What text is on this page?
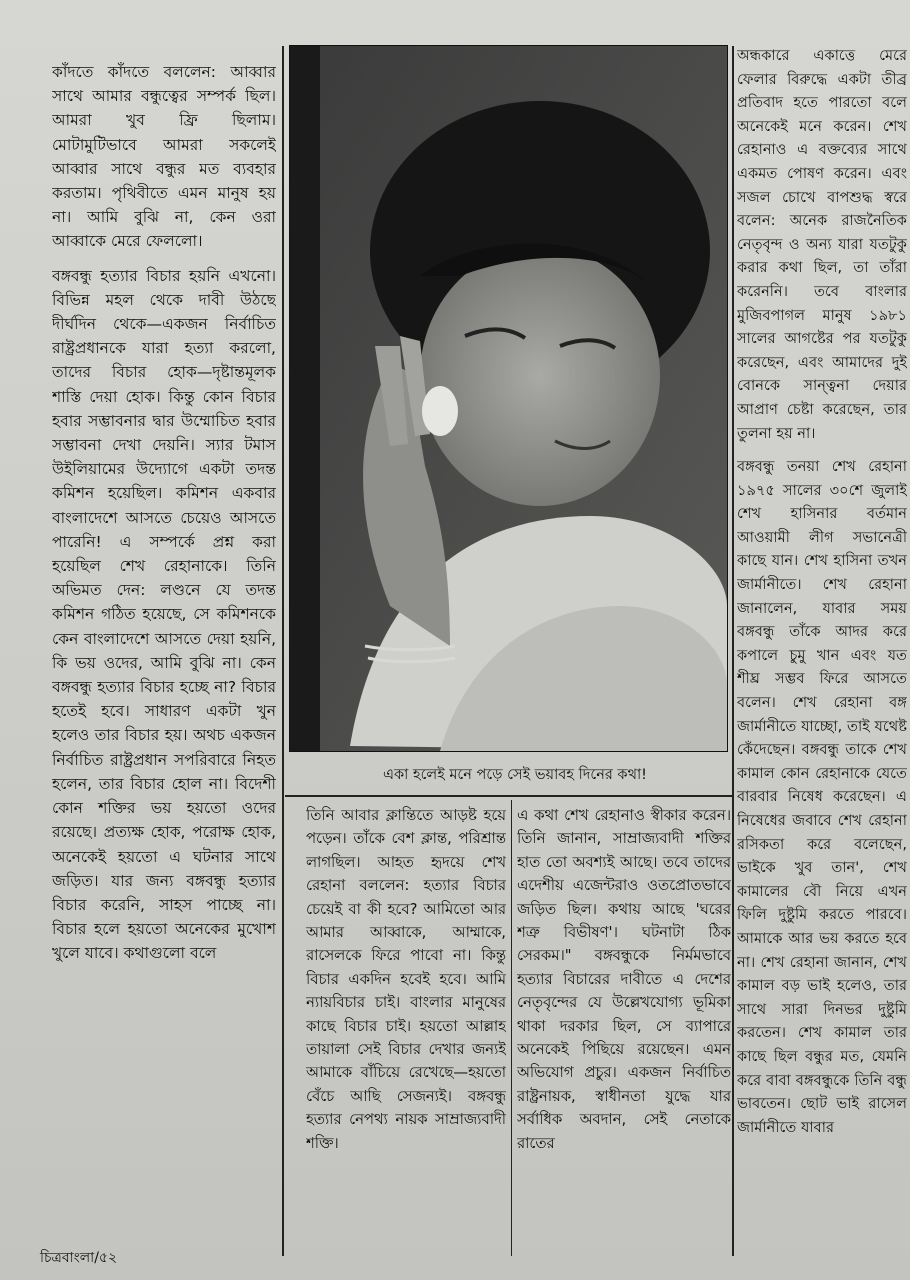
কাঁদতে কাঁদতে বললেন: আব্বার সাথে আমার বন্ধুত্বের সম্পর্ক ছিল। আমরা খুব ফ্রি ছিলাম। মোটামুটিভাবে আমরা সকলেই আব্বার সাথে বন্ধুর মত ব্যবহার করতাম। পৃথিবীতে এমন মানুষ হয় না। আমি বুঝি না, কেন ওরা আব্বাকে মেরে ফেললো।

বঙ্গবন্ধু হত্যার বিচার হয়নি এখনো। বিভিন্ন মহল থেকে দাবী উঠছে দীর্ঘদিন থেকে—একজন নির্বাচিত রাষ্ট্রপ্রধানকে যারা হত্যা করলো, তাদের বিচার হোক—দৃষ্টান্তমূলক শাস্তি দেয়া হোক। কিন্তু কোন বিচার হবার সম্ভাবনার দ্বার উম্মোচিত হবার সম্ভাবনা দেখা দেয়নি। স্যার টমাস উইলিয়ামের উদ্যোগে একটা তদন্ত কমিশন হয়েছিল। কমিশন একবার বাংলাদেশে আসতে চেয়েও আসতে পারেনি! এ সম্পর্কে প্রশ্ন করা হয়েছিল শেখ রেহানাকে। তিনি অভিমত দেন: লণ্ডনে যে তদন্ত কমিশন গঠিত হয়েছে, সে কমিশনকে কেন বাংলাদেশে আসতে দেয়া হয়নি, কি ভয় ওদের, আমি বুঝি না। কেন বঙ্গবন্ধু হত্যার বিচার হচ্ছে না? বিচার হতেই হবে। সাধারণ একটা খুন হলেও তার বিচার হয়। অথচ একজন নির্বাচিত রাষ্ট্রপ্রধান সপরিবারে নিহত হলেন, তার বিচার হোল না। বিদেশী কোন শক্তির ভয় হয়তো ওদের রয়েছে। প্রত্যক্ষ হোক, পরোক্ষ হোক, অনেকেই হয়তো এ ঘটনার সাথে জড়িত। যার জন্য বঙ্গবন্ধু হত্যার বিচার করেনি, সাহস পাচ্ছে না। বিচার হলে হয়তো অনেকের মুখোশ খুলে যাবে। কথাগুলো বলে

একা হলেই মনে পড়ে সেই ভয়াবহ দিনের কথা!

তিনি আবার ক্লান্তিতে আড়ষ্ট হয়ে পড়েন। তাঁকে বেশ ক্লান্ত, পরিশ্রান্ত লাগছিল। আহত হৃদয়ে শেখ রেহানা বললেন: হত্যার বিচার চেয়েই বা কী হবে? আমিতো আর আমার আব্বাকে, আম্মাকে, রাসেলকে ফিরে পাবো না। কিন্তু বিচার একদিন হবেই হবে। আমি ন্যায়বিচার চাই। বাংলার মানুষের কাছে বিচার চাই। হয়তো আল্লাহ তায়ালা সেই বিচার দেখার জন্যই আমাকে বাঁচিয়ে রেখেছে—হয়তো বেঁচে আছি সেজন্যই। বঙ্গবন্ধু হত্যার নেপথ্য নায়ক সাম্রাজ্যবাদী শক্তি।

এ কথা শেখ রেহানাও স্বীকার করেন। তিনি জানান, সাম্রাজ্যবাদী শক্তির হাত তো অবশ্যই আছে। তবে তাদের এদেশীয় এজেন্টরাও ওতপ্রোতভাবে জড়িত ছিল। কথায় আছে 'ঘরের শত্রু বিভীষণ'। ঘটনাটা ঠিক সেরকম।" বঙ্গবন্ধুকে নির্মমভাবে হত্যার বিচারের দাবীতে এ দেশের নেতৃবৃন্দের যে উল্লেখযোগ্য ভূমিকা থাকা দরকার ছিল, সে ব্যাপারে অনেকেই পিছিয়ে রয়েছেন। এমন অভিযোগ প্রচুর। একজন নির্বাচিত রাষ্ট্রনায়ক, স্বাধীনতা যুদ্ধে যার সর্বাধিক অবদান, সেই নেতাকে রাতের

অন্ধকারে একাত্তে মেরে ফেলার বিরুদ্ধে একটা তীব্র প্রতিবাদ হতে পারতো বলে অনেকেই মনে করেন। শেখ রেহানাও এ বক্তব্যের সাথে একমত পোষণ করেন। এবং সজল চোখে বাপশুদ্ধ স্বরে বলেন: অনেক রাজনৈতিক নেতৃবৃন্দ ও অন্য যারা যতটুকু করার কথা ছিল, তা তাঁরা করেননি। তবে বাংলার মুজিবপাগল মানুষ ১৯৮১ সালের আগষ্টের পর যতটুকু করেছেন, এবং আমাদের দুই বোনকে সান্ত্বনা দেয়ার আপ্রাণ চেষ্টা করেছেন, তার তুলনা হয় না।

বঙ্গবন্ধু তনয়া শেখ রেহানা ১৯৭৫ সালের ৩০শে জুলাই শেখ হাসিনার বর্তমান আওয়ামী লীগ সভানেত্রী কাছে যান। শেখ হাসিনা তখন জার্মানীতে। শেখ রেহানা জানালেন, যাবার সময় বঙ্গবন্ধু তাঁকে আদর করে কপালে চুমু খান এবং যত শীঘ্র সম্ভব ফিরে আসতে বলেন। শেখ রেহানা বঙ্গ জার্মানীতে যাচ্ছো, তাই যথেষ্ট কেঁদেছেন। বঙ্গবন্ধু তাকে শেখ কামাল কোন রেহানাকে যেতে বারবার নিষেধ করেছেন। এ নিষেধের জবাবে শেখ রেহানা রসিকতা করে বলেছেন, ভাইকে খুব তান', শেখ কামালের বৌ নিয়ে এখন ফিলি দুষ্টুমি করতে পারবে। আমাকে আর ভয় করতে হবে না। শেখ রেহানা জানান, শেখ কামাল বড় ভাই হলেও, তার সাথে সারা দিনভর দুষ্টুমি করতেন। শেখ কামাল তার কাছে ছিল বন্ধুর মত, যেমনি করে বাবা বঙ্গবন্ধুকে তিনি বন্ধু ভাবতেন। ছোট ভাই রাসেল জার্মানীতে যাবার

চিত্রবাংলা/৫২
